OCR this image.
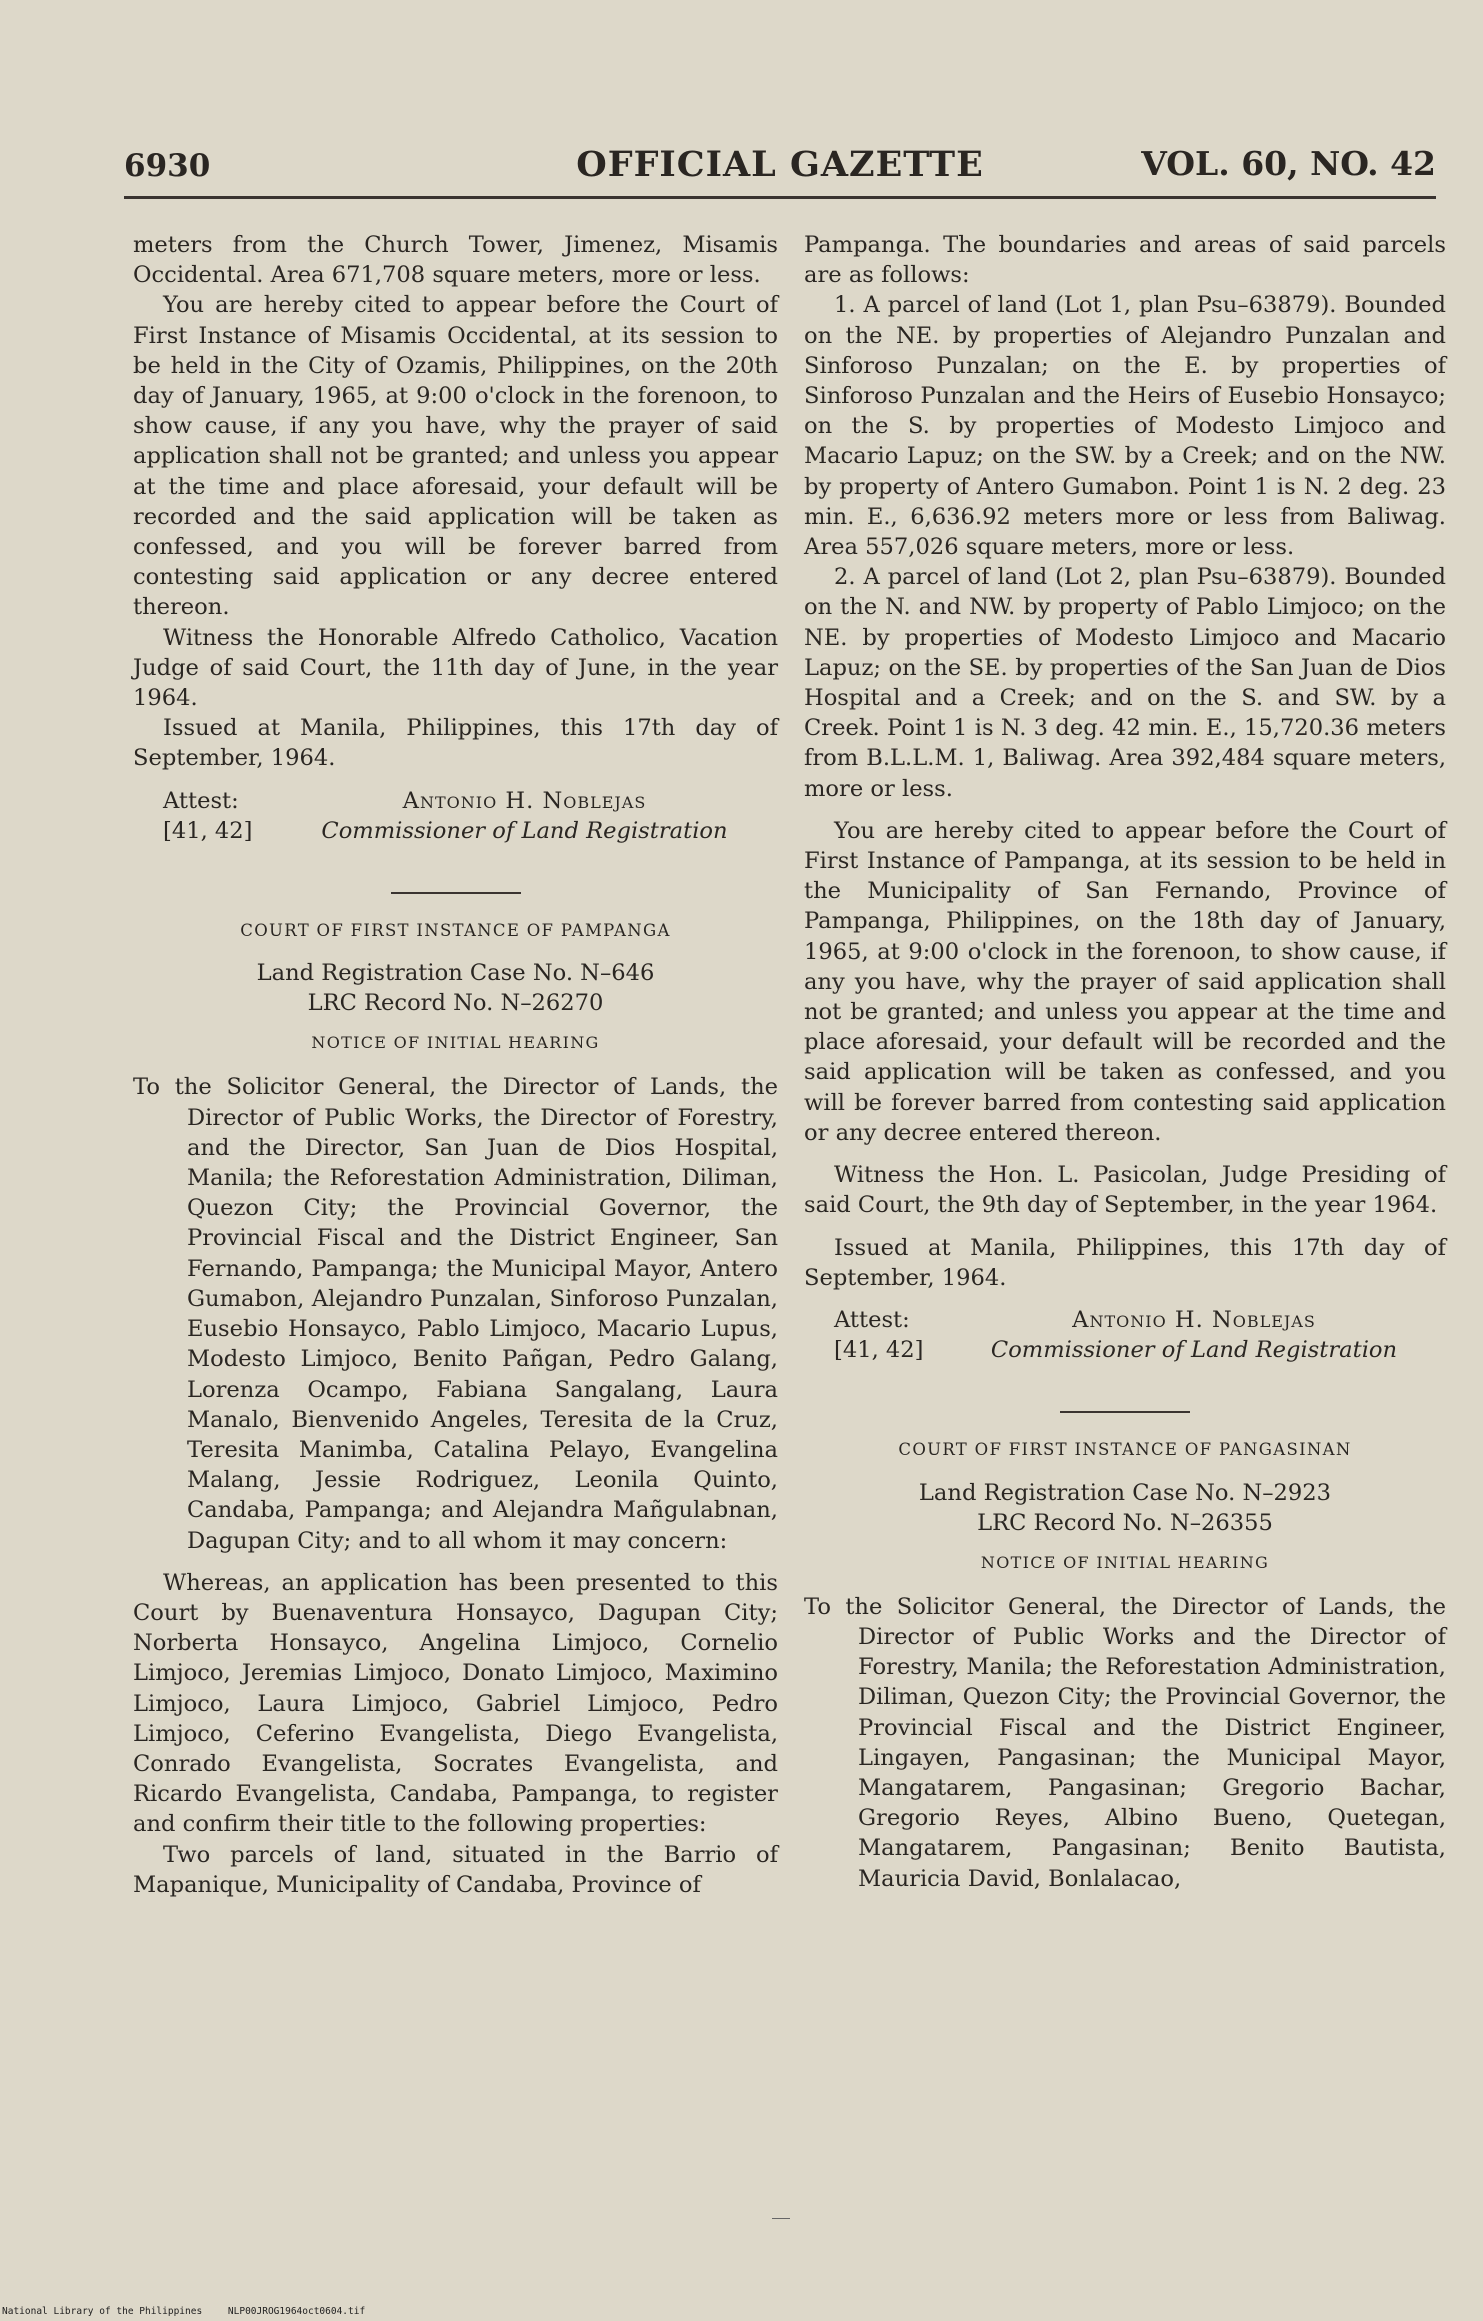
6930	OFFICIAL GAZETTE	VOL. 60, NO. 42

meters from the Church Tower, Jimenez, Misamis Occidental. Area 671,708 square meters, more or less.

You are hereby cited to appear before the Court of First Instance of Misamis Occidental, at its session to be held in the City of Ozamis, Philippines, on the 20th day of January, 1965, at 9:00 o'clock in the forenoon, to show cause, if any you have, why the prayer of said application shall not be granted; and unless you appear at the time and place aforesaid, your default will be recorded and the said application will be taken as confessed, and you will be forever barred from contesting said application or any decree entered thereon.

Witness the Honorable Alfredo Catholico, Vacation Judge of said Court, the 11th day of June, in the year 1964.

Issued at Manila, Philippines, this 17th day of September, 1964.

Attest:
[41, 42]
Antonio H. Noblejas
Commissioner of Land Registration

COURT OF FIRST INSTANCE OF PAMPANGA

Land Registration Case No. N–646
LRC Record No. N–26270

NOTICE OF INITIAL HEARING

To the Solicitor General, the Director of Lands, the Director of Public Works, the Director of Forestry, and the Director, San Juan de Dios Hospital, Manila; the Reforestation Administration, Diliman, Quezon City; the Provincial Governor, the Provincial Fiscal and the District Engineer, San Fernando, Pampanga; the Municipal Mayor, Antero Gumabon, Alejandro Punzalan, Sinforoso Punzalan, Eusebio Honsayco, Pablo Limjoco, Macario Lupus, Modesto Limjoco, Benito Pañgan, Pedro Galang, Lorenza Ocampo, Fabiana Sangalang, Laura Manalo, Bienvenido Angeles, Teresita de la Cruz, Teresita Manimba, Catalina Pelayo, Evangelina Malang, Jessie Rodriguez, Leonila Quinto, Candaba, Pampanga; and Alejandra Mañgulabnan, Dagupan City; and to all whom it may concern:

Whereas, an application has been presented to this Court by Buenaventura Honsayco, Dagupan City; Norberta Honsayco, Angelina Limjoco, Cornelio Limjoco, Jeremias Limjoco, Donato Limjoco, Maximino Limjoco, Laura Limjoco, Gabriel Limjoco, Pedro Limjoco, Ceferino Evangelista, Diego Evangelista, Conrado Evangelista, Socrates Evangelista, and Ricardo Evangelista, Candaba, Pampanga, to register and confirm their title to the following properties:

Two parcels of land, situated in the Barrio of Mapanique, Municipality of Candaba, Province of

Pampanga. The boundaries and areas of said parcels are as follows:

1. A parcel of land (Lot 1, plan Psu–63879). Bounded on the NE. by properties of Alejandro Punzalan and Sinforoso Punzalan; on the E. by properties of Sinforoso Punzalan and the Heirs of Eusebio Honsayco; on the S. by properties of Modesto Limjoco and Macario Lapuz; on the SW. by a Creek; and on the NW. by property of Antero Gumabon. Point 1 is N. 2 deg. 23 min. E., 6,636.92 meters more or less from Baliwag. Area 557,026 square meters, more or less.

2. A parcel of land (Lot 2, plan Psu–63879). Bounded on the N. and NW. by property of Pablo Limjoco; on the NE. by properties of Modesto Limjoco and Macario Lapuz; on the SE. by properties of the San Juan de Dios Hospital and a Creek; and on the S. and SW. by a Creek. Point 1 is N. 3 deg. 42 min. E., 15,720.36 meters from B.L.L.M. 1, Baliwag. Area 392,484 square meters, more or less.

You are hereby cited to appear before the Court of First Instance of Pampanga, at its session to be held in the Municipality of San Fernando, Province of Pampanga, Philippines, on the 18th day of January, 1965, at 9:00 o'clock in the forenoon, to show cause, if any you have, why the prayer of said application shall not be granted; and unless you appear at the time and place aforesaid, your default will be recorded and the said application will be taken as confessed, and you will be forever barred from contesting said application or any decree entered thereon.

Witness the Hon. L. Pasicolan, Judge Presiding of said Court, the 9th day of September, in the year 1964.

Issued at Manila, Philippines, this 17th day of September, 1964.

Attest:
[41, 42]
Antonio H. Noblejas
Commissioner of Land Registration

COURT OF FIRST INSTANCE OF PANGASINAN

Land Registration Case No. N–2923
LRC Record No. N–26355

NOTICE OF INITIAL HEARING

To the Solicitor General, the Director of Lands, the Director of Public Works and the Director of Forestry, Manila; the Reforestation Administration, Diliman, Quezon City; the Provincial Governor, the Provincial Fiscal and the District Engineer, Lingayen, Pangasinan; the Municipal Mayor, Mangatarem, Pangasinan; Gregorio Bachar, Gregorio Reyes, Albino Bueno, Quetegan, Mangatarem, Pangasinan; Benito Bautista, Mauricia David, Bonlalacao,

National Library of the Philippines	NLP00JROG1964oct0604.tif
